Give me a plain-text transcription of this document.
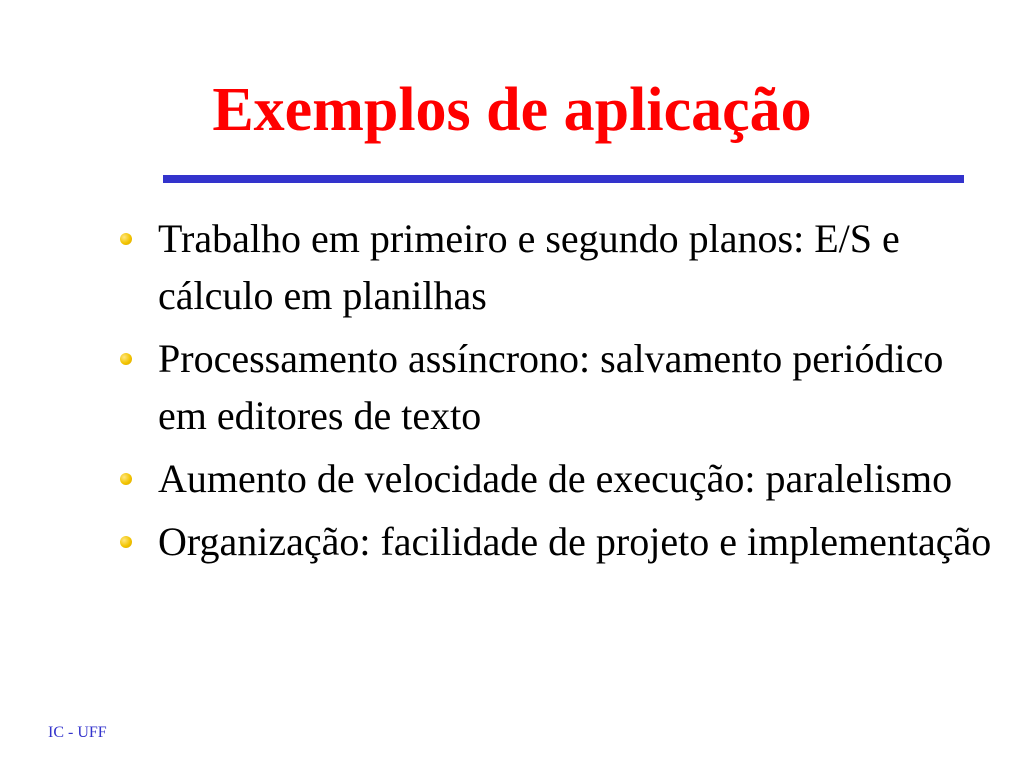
Exemplos de aplicação
Trabalho em primeiro e segundo planos: E/S e cálculo em planilhas
Processamento assíncrono: salvamento periódico em editores de texto
Aumento de velocidade de execução: paralelismo
Organização: facilidade de projeto e implementação
IC - UFF
